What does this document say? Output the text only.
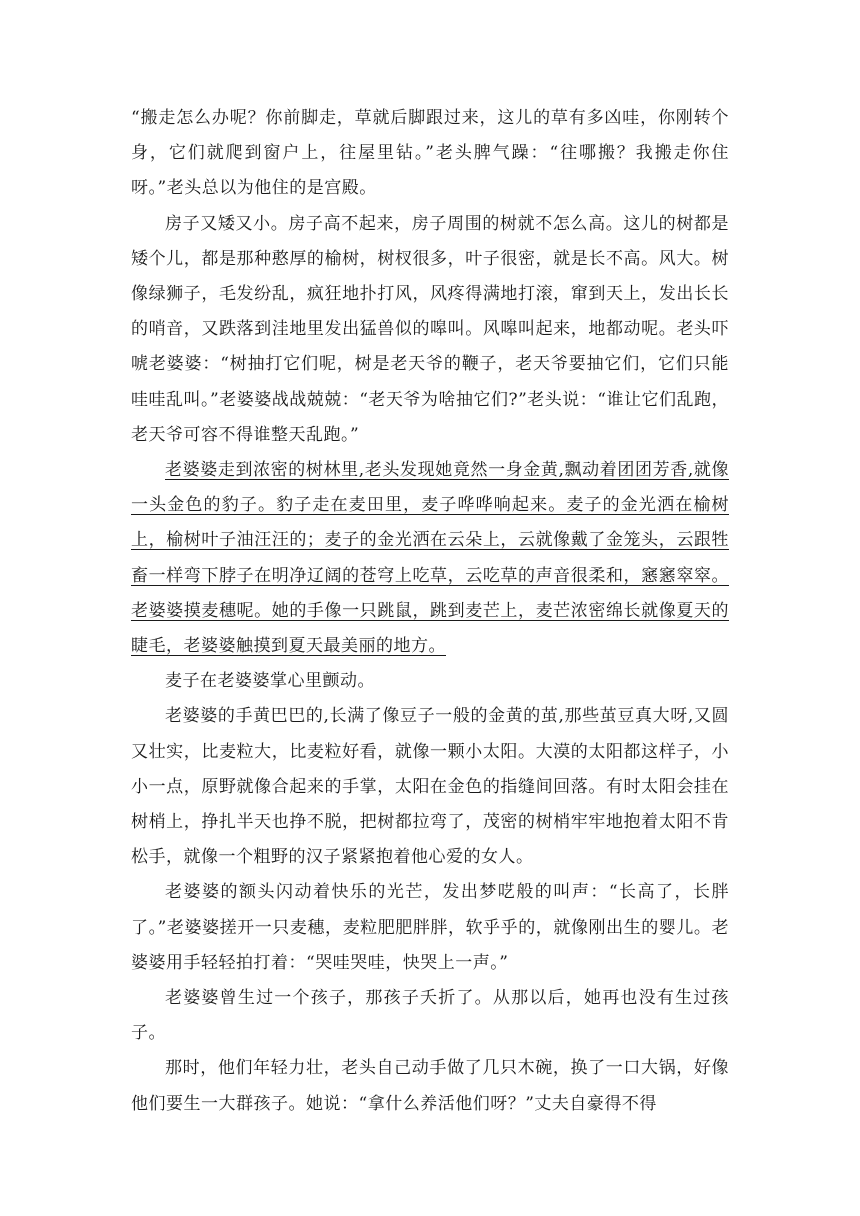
“搬走怎么办呢？你前脚走，草就后脚跟过来，这儿的草有多凶哇，你刚转个身，它们就爬到窗户上，往屋里钻。”老头脾气躁：“往哪搬？我搬走你住呀。”老头总以为他住的是宫殿。

房子又矮又小。房子高不起来，房子周围的树就不怎么高。这儿的树都是矮个儿，都是那种憨厚的榆树，树杈很多，叶子很密，就是长不高。风大。树像绿狮子，毛发纷乱，疯狂地扑打风，风疼得满地打滚，窜到天上，发出长长的哨音，又跌落到洼地里发出猛兽似的嗥叫。风嗥叫起来，地都动呢。老头吓唬老婆婆：“树抽打它们呢，树是老天爷的鞭子，老天爷要抽它们，它们只能哇哇乱叫。”老婆婆战战兢兢：“老天爷为啥抽它们?”老头说：“谁让它们乱跑，老天爷可容不得谁整天乱跑。”

老婆婆走到浓密的树林里,老头发现她竟然一身金黄,飘动着团团芳香,就像一头金色的豹子。豹子走在麦田里，麦子哗哗响起来。麦子的金光洒在榆树上，榆树叶子油汪汪的；麦子的金光洒在云朵上，云就像戴了金笼头，云跟牲畜一样弯下脖子在明净辽阔的苍穹上吃草，云吃草的声音很柔和，窸窸窣窣。老婆婆摸麦穗呢。她的手像一只跳鼠，跳到麦芒上，麦芒浓密绵长就像夏天的睫毛，老婆婆触摸到夏天最美丽的地方。

麦子在老婆婆掌心里颤动。

老婆婆的手黄巴巴的,长满了像豆子一般的金黄的茧,那些茧豆真大呀,又圆又壮实，比麦粒大，比麦粒好看，就像一颗小太阳。大漠的太阳都这样子，小小一点，原野就像合起来的手掌，太阳在金色的指缝间回落。有时太阳会挂在树梢上，挣扎半天也挣不脱，把树都拉弯了，茂密的树梢牢牢地抱着太阳不肯松手，就像一个粗野的汉子紧紧抱着他心爱的女人。

老婆婆的额头闪动着快乐的光芒，发出梦呓般的叫声：“长高了，长胖了。”老婆婆搓开一只麦穗，麦粒肥肥胖胖，软乎乎的，就像刚出生的婴儿。老婆婆用手轻轻拍打着：“哭哇哭哇，快哭上一声。”

老婆婆曾生过一个孩子，那孩子夭折了。从那以后，她再也没有生过孩子。

那时，他们年轻力壮，老头自己动手做了几只木碗，换了一口大锅，好像他们要生一大群孩子。她说：“拿什么养活他们呀？”丈夫自豪得不得
